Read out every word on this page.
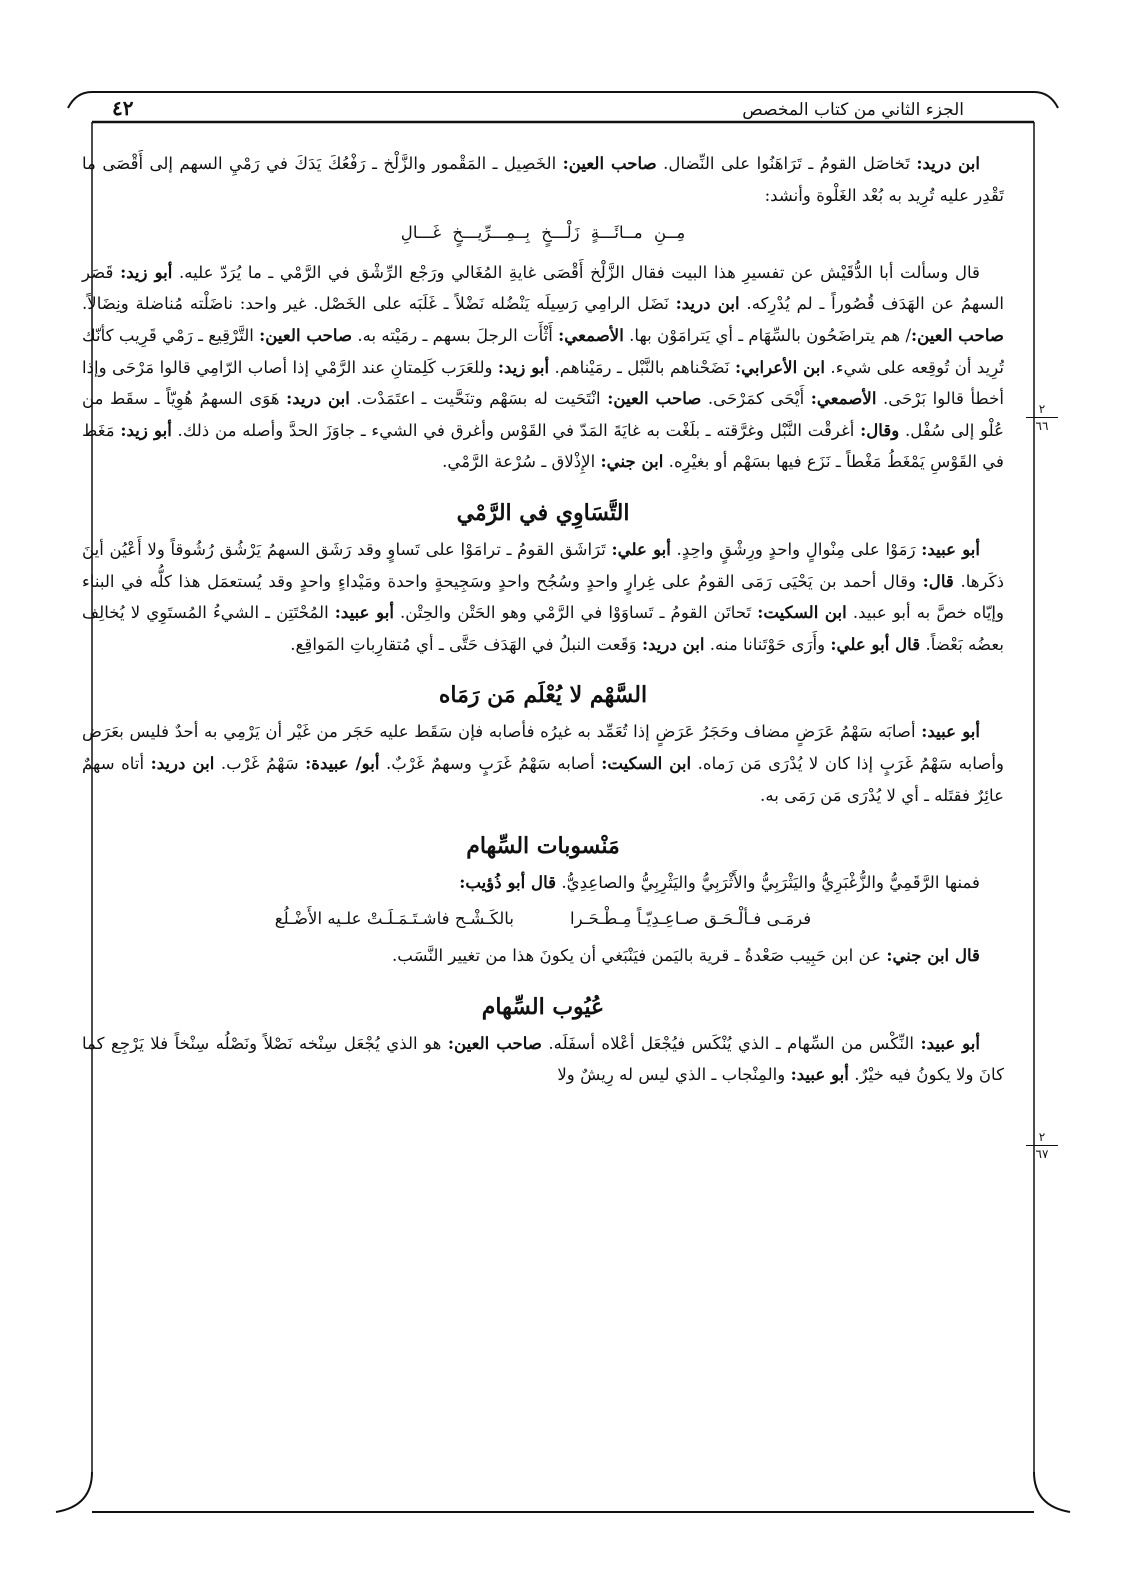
الجزء الثاني من كتاب المخصص
٤٢

ابن دريد: تَخاصَل القومُ ـ تَرَاهَنُوا على النِّضال. صاحب العين: الخَصِيل ـ المَقْمور والزَّلْخ ـ رَفْعُكَ يَدَكَ في رَمْيِ السهم إلى أَقْصَى ما تَقْدِر عليه تُرِيد به بُعْد الغَلْوة وأنشد:

مِــنِ مــائَـــةٍ زَلْـــخٍ بِــمِـــرِّيـــخٍ غَـــالِ

قال وسألت أبا الدُّقَيْش عن تفسيرِ هذا البيت فقال الزَّلْخ أَقْصَى غايةِ المُغَالي ورَجْع الرِّشْق في الرَّمْي ـ ما يُرَدّ عليه. أبو زيد: قَصَر السهمُ عن الهَدَف قُصُوراً ـ لم يُدْرِكه. ابن دريد: نَضَل الرامِي رَسِيلَه يَنْضُله نَضْلاً ـ غَلَبَه على الخَصْل. غير واحد: ناضَلْته مُناضلة ونِضَالاً. صاحب العين:/ هم يتراضَحُون بالسِّهَام ـ أي يَترامَوْن بها. الأصمعي: أَثْأَت الرجلَ بسهم ـ رمَيْته به. صاحب العين: التَّرْقِيع ـ رَمْي قَرِيب كأنّك تُرِيد أن تُوقِعه على شيء. ابن الأعرابي: نَضَحْناهم بالنَّبْل ـ رمَيْناهم. أبو زيد: وللعَرَب كَلِمتانِ عند الرَّمْي إذا أصاب الرّامِي قالوا مَرْحَى وإذا أخطأ قالوا بَرْحَى. الأصمعي: أَيْحَى كمَرْحَى. صاحب العين: انْتَحَيت له بسَهْم وتنَحَّيت ـ اعتَمَدْت. ابن دريد: هَوَى السهمُ هُوِيّاً ـ سقَط من عُلْو إلى سُفْل. وقال: أغرقْت النَّبْل وغرَّقته ـ بلَغْت به غايَةَ المَدّ في القَوْس وأغرق في الشيء ـ جاوَزَ الحدَّ وأصله من ذلك. أبو زيد: مَغَط في القَوْسِ يَمْغَطُ مَغْطاً ـ نَزَع فيها بسَهْم أو بغيْرِه. ابن جني: الإِذْلاق ـ سُرْعة الرَّمْي.

التَّسَاوِي في الرَّمْي

أبو عبيد: رَمَوْا على مِنْوالٍ واحدٍ ورِشْقٍ واحِدٍ. أبو علي: تَرَاشَق القومُ ـ ترامَوْا على تَساوٍ وقد رَشَق السهمُ يَرْشُق رُشُوقاً ولا أَعْيُن أينَ ذكَرها. قال: وقال أحمد بن يَحْيَى رَمَى القومُ على غِرارٍ واحدٍ وسُجُح واحدٍ وسَجِيحةٍ واحدة ومَيْداءٍ واحدٍ وقد يُستعمَل هذا كلُّه في البناء وإيّاه خصَّ به أبو عبيد. ابن السكيت: تَحاتَن القومُ ـ تَساوَوْا في الرَّمْي وهو الحَتْن والحِتْن. أبو عبيد: المُحْتَتِن ـ الشيءُ المُستَوِي لا يُخالِف بعضُه بَعْضاً. قال أبو علي: وأَرَى حَوْتَنانا منه. ابن دريد: وَقَعت النبلُ في الهَدَف حَتَّى ـ أي مُتقارِباتِ المَواقِع.

السَّهْم لا يُعْلَم مَن رَمَاه

أبو عبيد: أصابَه سَهْمُ عَرَضٍ مضاف وحَجَرُ عَرَضٍ إذا تُعَمِّد به غيرُه فأصابه فإن سَقَط عليه حَجَر من غَيْر أن يَرْمِي به أحدٌ فليس بعَرَض وأصابه سَهْمُ غَرَبٍ إذا كان لا يُدْرَى مَن رَماه. ابن السكيت: أصابه سَهْمُ غَرَبٍ وسهمٌ غَرْبٌ. أبو/ عبيدة: سَهْمُ غَرْب. ابن دريد: أتاه سهمٌ عائِرٌ فقتَله ـ أي لا يُدْرَى مَن رَمَى به.

مَنْسوبات السِّهام

فمنها الرَّقَمِيُّ والزُّغْبَرِيُّ واليَثْرَبِيُّ والأَثْرَبِيُّ واليَثْرِبِيُّ والصاعِدِيُّ. قال أبو ذُؤيب:

فرمَـى فـألْـحَـق صـاعِـدِيّـاً مِـطْـحَـرا
بالكَـشْـح فاشـتَـمَـلَـتْ علـيه الأَضْـلُع

قال ابن جني: عن ابن حَبِيب صَعْدةُ ـ قرية باليَمن فيَنْبَغي أن يكونَ هذا من تغيير النَّسَب.

عُيُوب السِّهام

أبو عبيد: النِّكْس من السِّهام ـ الذي يُنْكَس فيُجْعَل أعْلاه أسفَلَه. صاحب العين: هو الذي يُجْعَل سِنْخه نَصْلاً ونَصْلُه سِنْخاً فلا يَرْجِع كما كانَ ولا يكونُ فيه خيْرٌ. أبو عبيد: والمِنْجاب ـ الذي ليس له رِيشٌ ولا

٢
٦٦
٢
٦٧
